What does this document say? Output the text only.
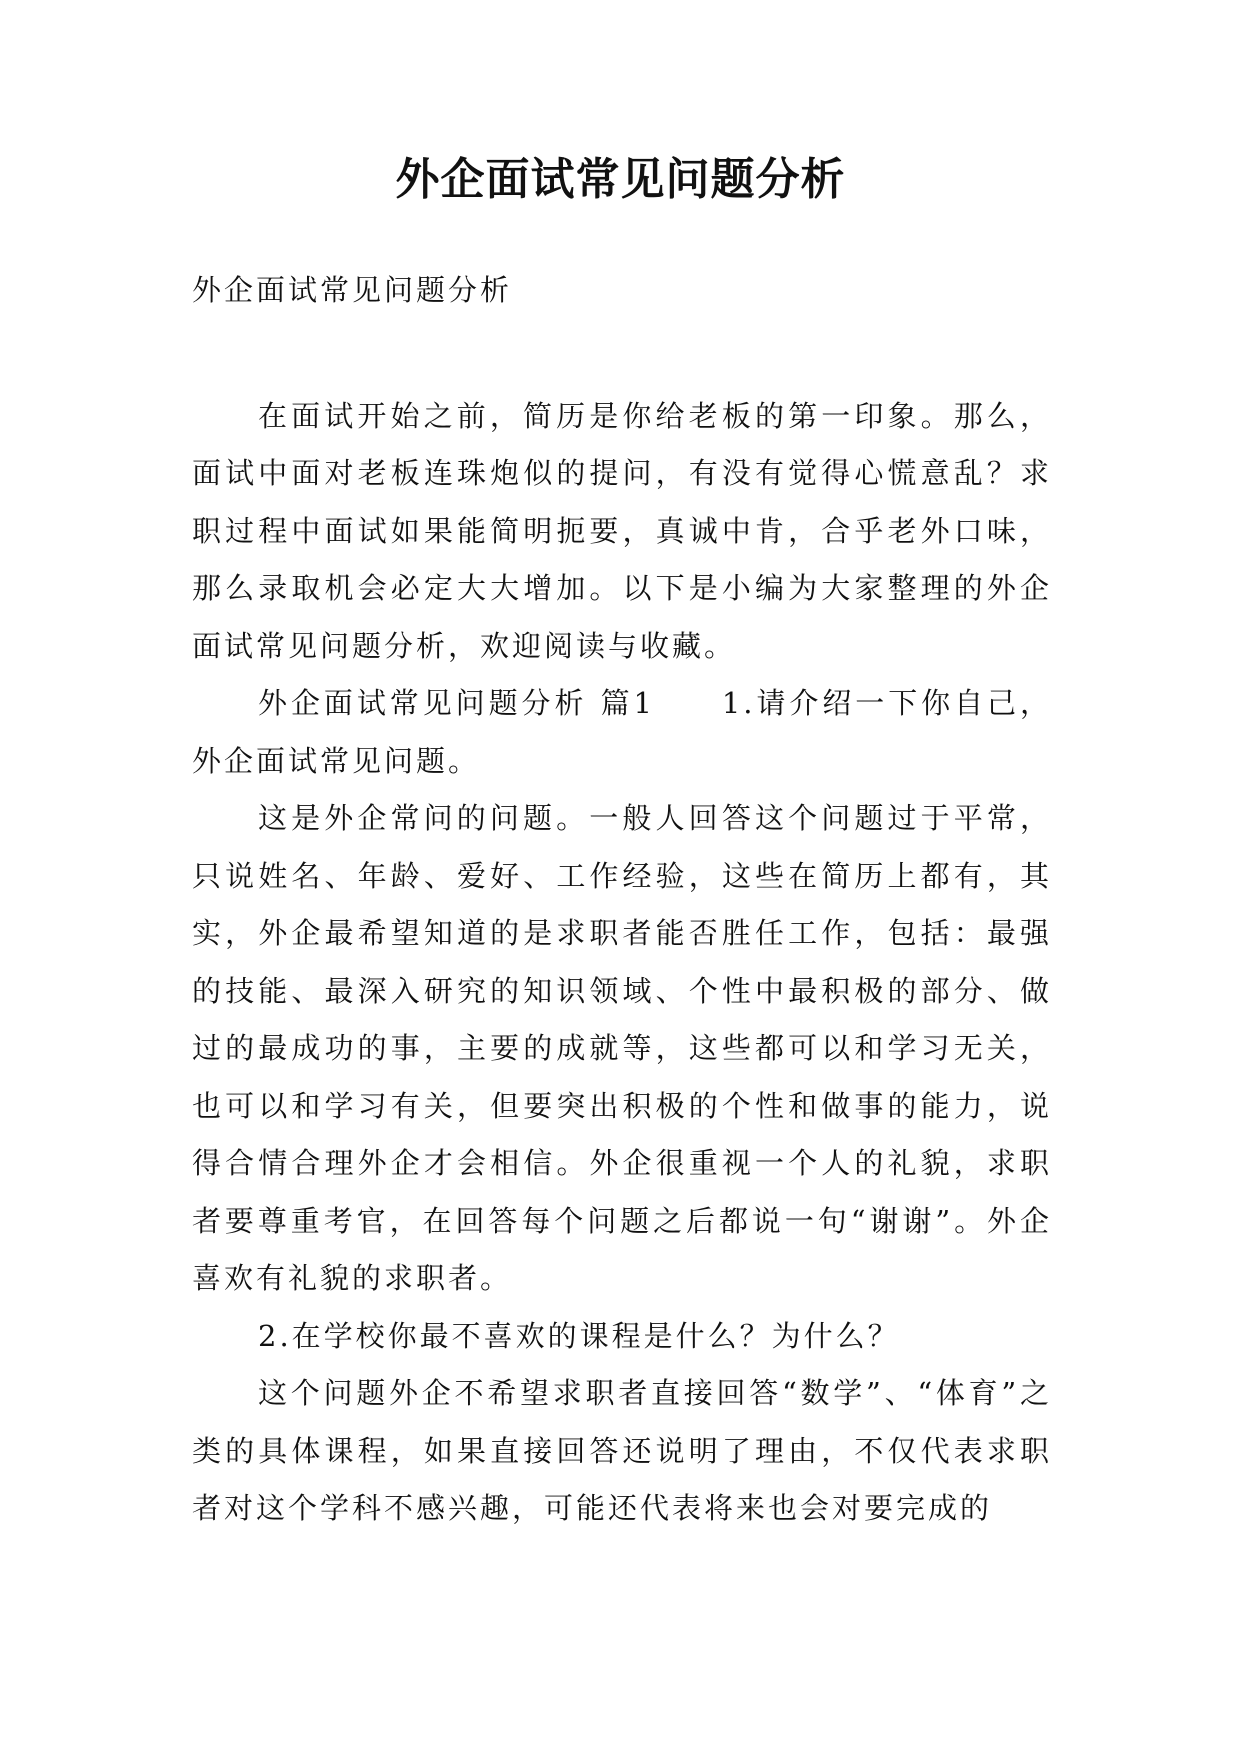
外企面试常见问题分析

外企面试常见问题分析

在面试开始之前，简历是你给老板的第一印象。那么，面试中面对老板连珠炮似的提问，有没有觉得心慌意乱？求职过程中面试如果能简明扼要，真诚中肯，合乎老外口味，那么录取机会必定大大增加。以下是小编为大家整理的外企面试常见问题分析，欢迎阅读与收藏。

外企面试常见问题分析 篇1　　1.请介绍一下你自己，外企面试常见问题。

这是外企常问的问题。一般人回答这个问题过于平常，只说姓名、年龄、爱好、工作经验，这些在简历上都有，其实，外企最希望知道的是求职者能否胜任工作，包括：最强的技能、最深入研究的知识领域、个性中最积极的部分、做过的最成功的事，主要的成就等，这些都可以和学习无关，也可以和学习有关，但要突出积极的个性和做事的能力，说得合情合理外企才会相信。外企很重视一个人的礼貌，求职者要尊重考官，在回答每个问题之后都说一句“谢谢”。外企喜欢有礼貌的求职者。

2.在学校你最不喜欢的课程是什么？为什么？

这个问题外企不希望求职者直接回答“数学”、“体育”之类的具体课程，如果直接回答还说明了理由，不仅代表求职者对这个学科不感兴趣，可能还代表将来也会对要完成的
